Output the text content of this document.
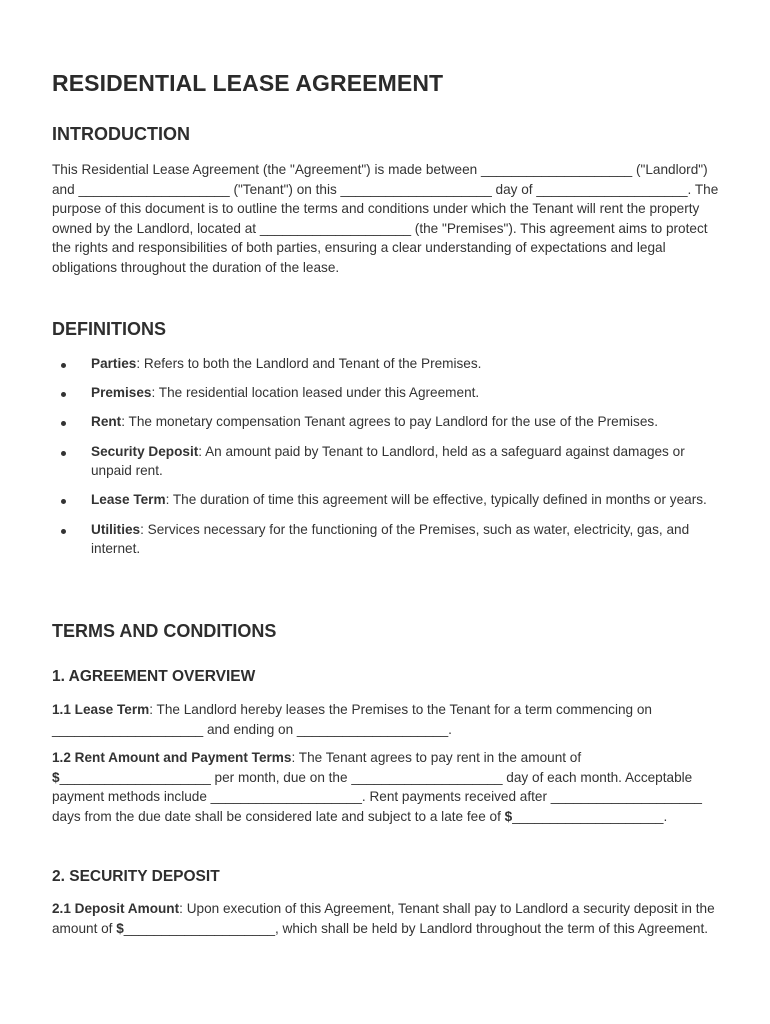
RESIDENTIAL LEASE AGREEMENT
INTRODUCTION

This Residential Lease Agreement (the "Agreement") is made between ____________________ ("Landlord") and ____________________ ("Tenant") on this ____________________ day of ____________________. The purpose of this document is to outline the terms and conditions under which the Tenant will rent the property owned by the Landlord, located at ____________________ (the "Premises"). This agreement aims to protect the rights and responsibilities of both parties, ensuring a clear understanding of expectations and legal obligations throughout the duration of the lease.

DEFINITIONS
Parties: Refers to both the Landlord and Tenant of the Premises.
Premises: The residential location leased under this Agreement.
Rent: The monetary compensation Tenant agrees to pay Landlord for the use of the Premises.
Security Deposit: An amount paid by Tenant to Landlord, held as a safeguard against damages or unpaid rent.
Lease Term: The duration of time this agreement will be effective, typically defined in months or years.
Utilities: Services necessary for the functioning of the Premises, such as water, electricity, gas, and internet.
TERMS AND CONDITIONS
1. AGREEMENT OVERVIEW

1.1 Lease Term: The Landlord hereby leases the Premises to the Tenant for a term commencing on ____________________ and ending on ____________________.

1.2 Rent Amount and Payment Terms: The Tenant agrees to pay rent in the amount of $____________________ per month, due on the ____________________ day of each month. Acceptable payment methods include ____________________. Rent payments received after ____________________ days from the due date shall be considered late and subject to a late fee of $____________________.

2. SECURITY DEPOSIT

2.1 Deposit Amount: Upon execution of this Agreement, Tenant shall pay to Landlord a security deposit in the amount of $____________________, which shall be held by Landlord throughout the term of this Agreement.
